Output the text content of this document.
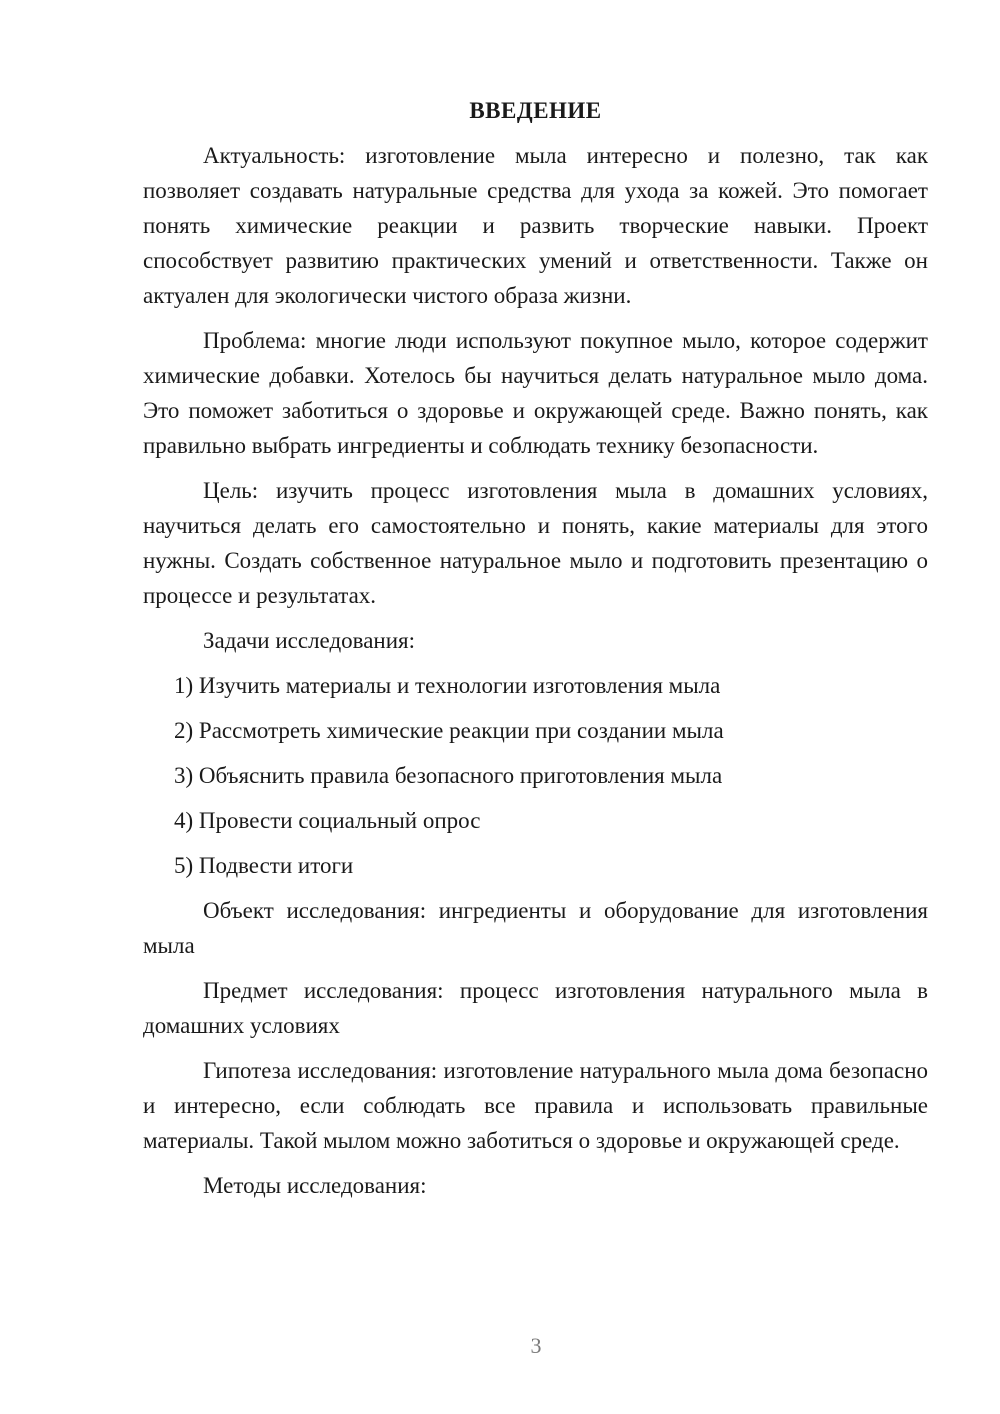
ВВЕДЕНИЕ

Актуальность: изготовление мыла интересно и полезно, так как позволяет создавать натуральные средства для ухода за кожей. Это помогает понять химические реакции и развить творческие навыки. Проект способствует развитию практических умений и ответственности. Также он актуален для экологически чистого образа жизни.

Проблема: многие люди используют покупное мыло, которое содержит химические добавки. Хотелось бы научиться делать натуральное мыло дома. Это поможет заботиться о здоровье и окружающей среде. Важно понять, как правильно выбрать ингредиенты и соблюдать технику безопасности.

Цель: изучить процесс изготовления мыла в домашних условиях, научиться делать его самостоятельно и понять, какие материалы для этого нужны. Создать собственное натуральное мыло и подготовить презентацию о процессе и результатах.

Задачи исследования:

1) Изучить материалы и технологии изготовления мыла
2) Рассмотреть химические реакции при создании мыла
3) Объяснить правила безопасного приготовления мыла
4) Провести социальный опрос
5) Подвести итоги

Объект исследования: ингредиенты и оборудование для изготовления мыла

Предмет исследования: процесс изготовления натурального мыла в домашних условиях

Гипотеза исследования: изготовление натурального мыла дома безопасно и интересно, если соблюдать все правила и использовать правильные материалы. Такой мылом можно заботиться о здоровье и окружающей среде.

Методы исследования:

3
